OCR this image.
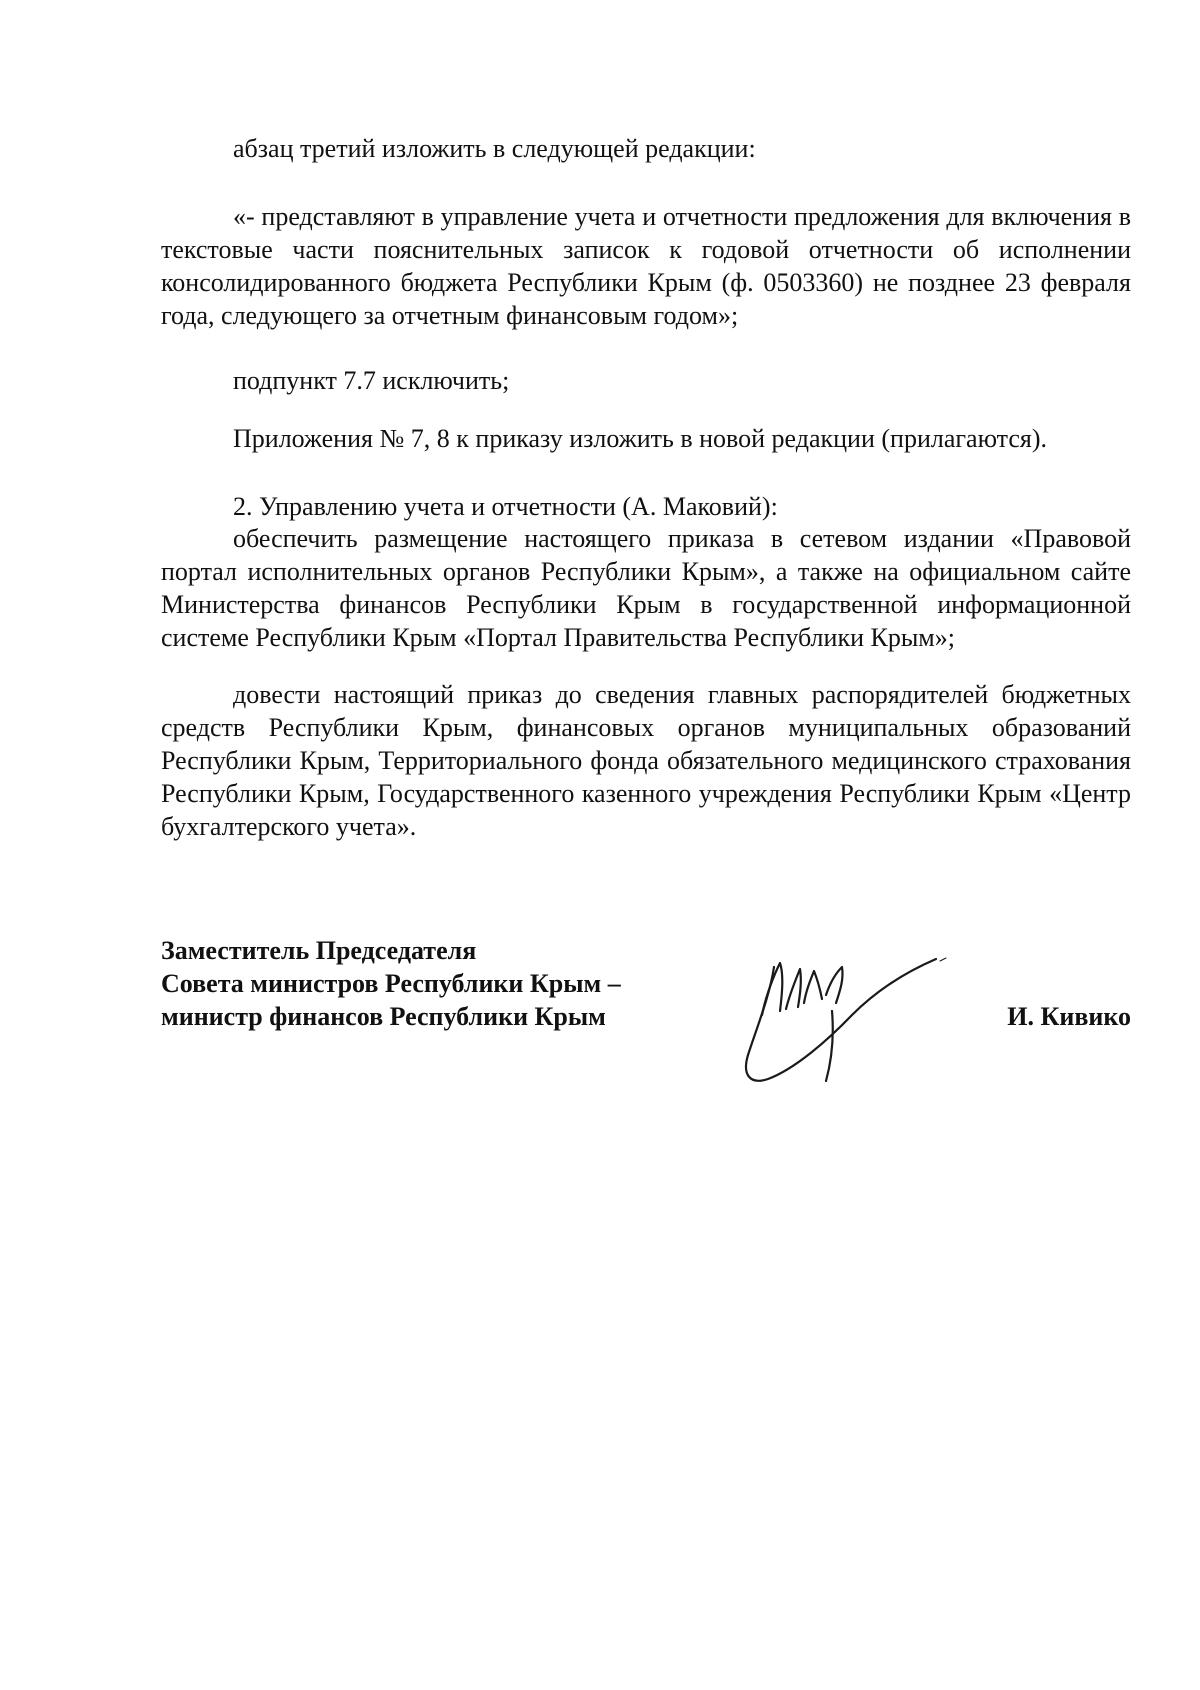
абзац третий изложить в следующей редакции:

«- представляют в управление учета и отчетности предложения для включения в текстовые части пояснительных записок к годовой отчетности об исполнении консолидированного бюджета Республики Крым (ф. 0503360) не позднее 23 февраля года, следующего за отчетным финансовым годом»;

подпункт 7.7 исключить;

Приложения № 7, 8 к приказу изложить в новой редакции (прилагаются).

2. Управлению учета и отчетности (А. Маковий):

обеспечить размещение настоящего приказа в сетевом издании «Правовой портал исполнительных органов Республики Крым», а также на официальном сайте Министерства финансов Республики Крым в государственной информационной системе Республики Крым «Портал Правительства Республики Крым»;

довести настоящий приказ до сведения главных распорядителей бюджетных средств Республики Крым, финансовых органов муниципальных образований Республики Крым, Территориального фонда обязательного медицинского страхования Республики Крым, Государственного казенного учреждения Республики Крым «Центр бухгалтерского учета».

Заместитель Председателя
Совета министров Республики Крым –
министр финансов Республики Крым	И. Кивико
